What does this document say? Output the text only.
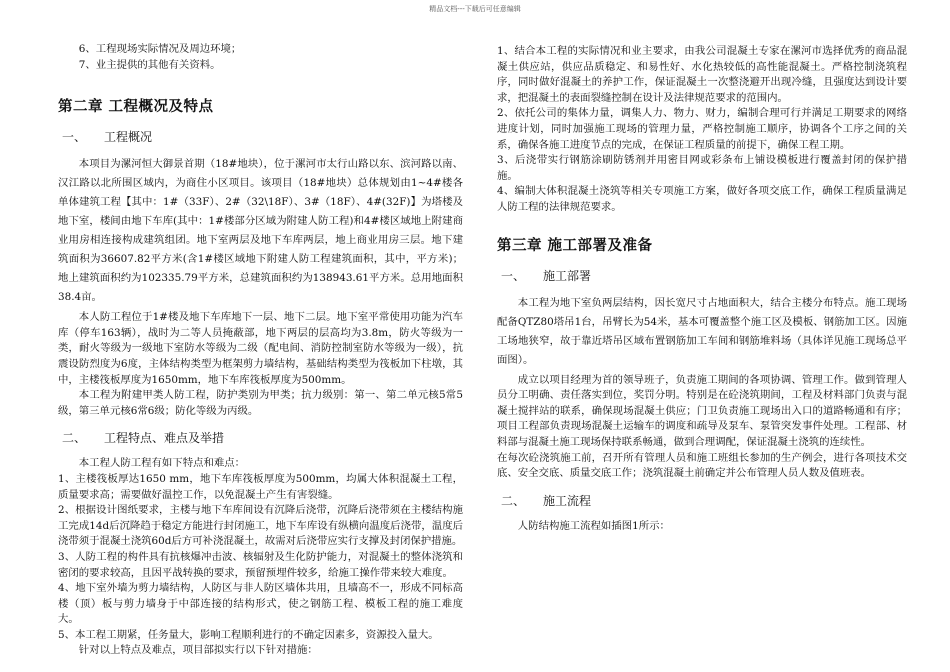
精品文档---下载后可任意编辑

6、工程现场实际情况及周边环境；

7、业主提供的其他有关资料。

第二章 工程概况及特点
一、 工程概况

本项目为漯河恒大御景首期（18#地块），位于漯河市太行山路以东、滨河路以南、汉江路以北所围区域内，为商住小区项目。该项目（18#地块）总体规划由1~4#楼各单体建筑工程【其中：1#（33F）、2#（32\18F）、3#（18F）、4#(32F)】为塔楼及地下室，楼间由地下车库(其中：1#楼部分区域为附建人防工程)和4#楼区域地上附建商业用房相连接构成建筑组团。地下室两层及地下车库两层，地上商业用房三层。地下建筑面积为36607.82平方米(含1#楼区域地下附建人防工程建筑面积，其中，平方米)；地上建筑面积约为102335.79平方米，总建筑面积约为138943.61平方米。总用地面积38.4亩。

本人防工程位于1#楼及地下车库地下一层、地下二层。地下室平常使用功能为汽车库（停车163辆），战时为二等人员掩蔽部，地下两层的层高均为3.8m，防火等级为一类，耐火等级为一级地下室防水等级为二级（配电间、消防控制室防水等级为一级），抗震设防烈度为6度，主体结构类型为框架剪力墙结构，基础结构类型为筏板加下柱墩，其中，主楼筏板厚度为1650mm，地下车库筏板厚度为500mm。

本工程为附建甲类人防工程，防护类别为甲类；抗力级别：第一、第二单元核5常5级，第三单元核6常6级；防化等级为丙级。

二、 工程特点、难点及举措

本工程人防工程有如下特点和难点：

1、主楼筏板厚达1650 mm，地下车库筏板厚度为500mm，均属大体积混凝土工程，质量要求高；需要做好温控工作，以免混凝土产生有害裂缝。

2、根据设计图纸要求，主楼与地下车库间设有沉降后浇带，沉降后浇带须在主楼结构施工完成14d后沉降趋于稳定方能进行封闭施工，地下车库设有纵横向温度后浇带，温度后浇带须于混凝土浇筑60d后方可补浇混凝土，故需对后浇带应实行支撑及封闭保护措施。

3、人防工程的构件具有抗核爆冲击波、核辐射及生化防护能力，对混凝土的整体浇筑和密闭的要求较高，且因平战转换的要求，预留预埋件较多，给施工操作带来较大难度。

4、地下室外墙为剪力墙结构，人防区与非人防区墙体共用，且墙高不一，形成不同标高楼（顶）板与剪力墙身于中部连接的结构形式，使之钢筋工程、模板工程的施工难度大。

5、本工程工期紧，任务量大，影响工程顺利进行的不确定因素多，资源投入量大。

针对以上特点及难点，项目部拟实行以下针对措施：

1、结合本工程的实际情况和业主要求，由我公司混凝土专家在漯河市选择优秀的商品混凝土供应站，供应品质稳定、和易性好、水化热较低的高性能混凝土。严格控制浇筑程序，同时做好混凝土的养护工作，保证混凝土一次整浇避开出现冷缝，且强度达到设计要求，把混凝土的表面裂缝控制在设计及法律规范要求的范围内。

2、依托公司的集体力量，调集人力、物力、财力，编制合理可行并满足工期要求的网络进度计划，同时加强施工现场的管理力量，严格控制施工顺序，协调各个工序之间的关系，确保各施工进度节点的完成，在保证工程质量的前提下，确保工程工期。

3、后浇带实行钢筋涂刷防锈剂并用密目网或彩条布上铺设模板进行覆盖封闭的保护措施。

4、编制大体积混凝土浇筑等相关专项施工方案，做好各项交底工作，确保工程质量满足人防工程的法律规范要求。

第三章 施工部署及准备
一、 施工部署

本工程为地下室负两层结构，因长宽尺寸占地面积大，结合主楼分布特点。施工现场配备QTZ80塔吊1台，吊臂长为54米，基本可覆盖整个施工区及模板、钢筋加工区。因施工场地狭窄，故于靠近塔吊区域布置钢筋加工车间和钢筋堆料场（具体详见施工现场总平面图）。

成立以项目经理为首的领导班子，负责施工期间的各项协调、管理工作。做到管理人员分工明确、责任落实到位，奖罚分明。特别是在砼浇筑期间，工程及材料部门负责与混凝土搅拌站的联系，确保现场混凝土供应；门卫负责施工现场出入口的道路畅通和有序；项目工程部负责现场混凝土运输车的调度和疏导及泵车、泵管突发事件处理。工程部、材料部与混凝土施工现场保持联系畅通，做到合理调配，保证混凝土浇筑的连续性。

在每次砼浇筑施工前，召开所有管理人员和施工班组长参加的生产例会，进行各项技术交底、安全交底、质量交底工作；浇筑混凝土前确定并公布管理人员人数及值班表。

二、 施工流程

人防结构施工流程如插图1所示：
